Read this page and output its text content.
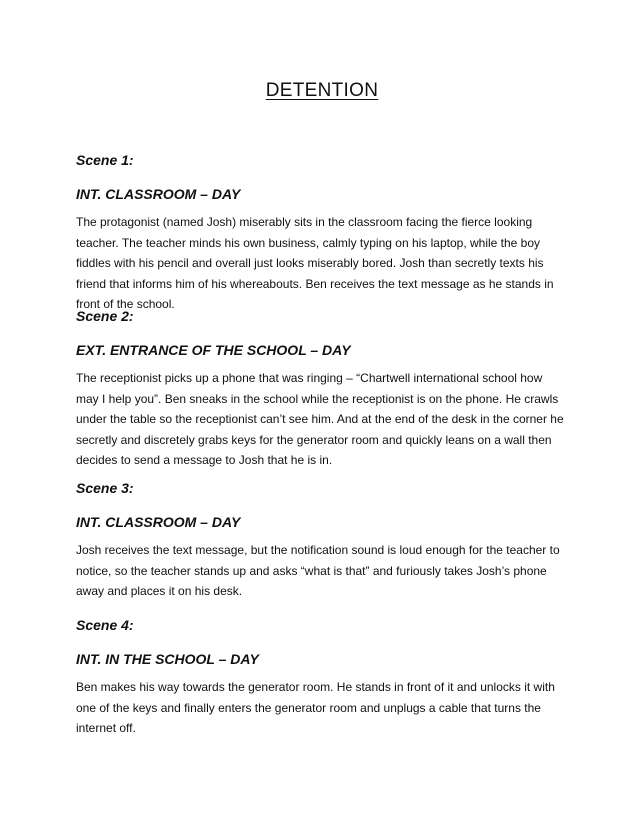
DETENTION

Scene 1:

INT. CLASSROOM – DAY

The protagonist (named Josh) miserably sits in the classroom facing the fierce looking teacher. The teacher minds his own business, calmly typing on his laptop, while the boy fiddles with his pencil and overall just looks miserably bored. Josh than secretly texts his friend that informs him of his whereabouts. Ben receives the text message as he stands in front of the school.

Scene 2:

EXT. ENTRANCE OF THE SCHOOL – DAY

The receptionist picks up a phone that was ringing – “Chartwell international school how may I help you”. Ben sneaks in the school while the receptionist is on the phone. He crawls under the table so the receptionist can’t see him. And at the end of the desk in the corner he secretly and discretely grabs keys for the generator room and quickly leans on a wall then decides to send a message to Josh that he is in.

Scene 3:

INT. CLASSROOM – DAY

Josh receives the text message, but the notification sound is loud enough for the teacher to notice, so the teacher stands up and asks “what is that” and furiously takes Josh’s phone away and places it on his desk.

Scene 4:

INT. IN THE SCHOOL – DAY

Ben makes his way towards the generator room. He stands in front of it and unlocks it with one of the keys and finally enters the generator room and unplugs a cable that turns the internet off.
